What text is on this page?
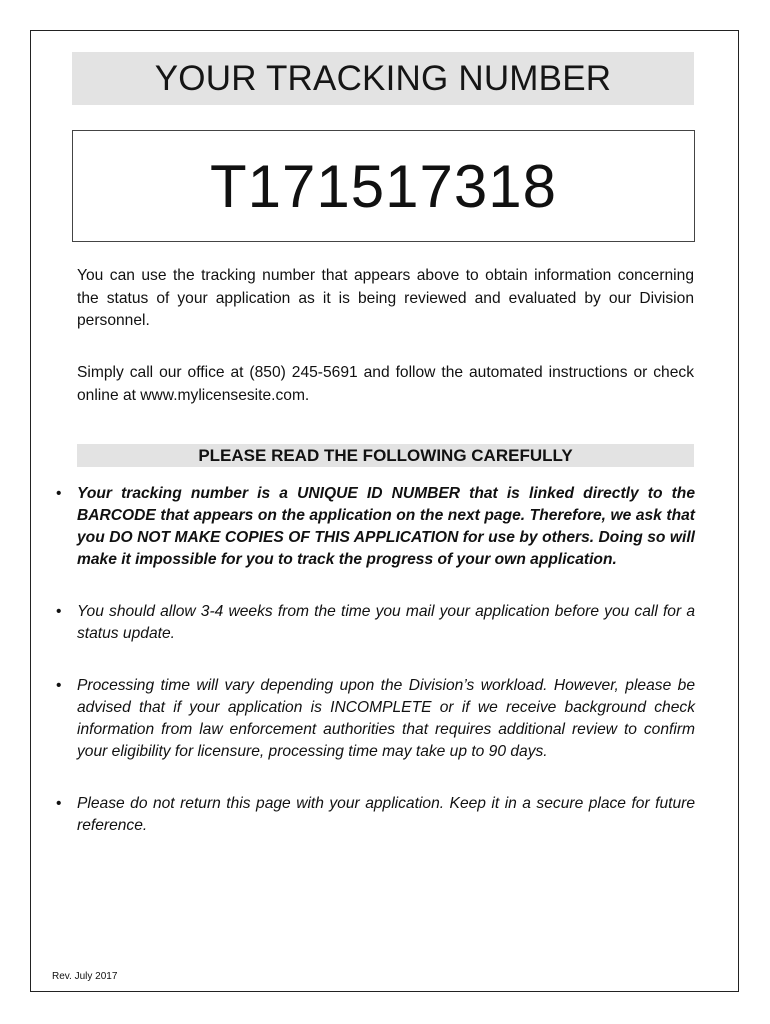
YOUR TRACKING NUMBER
T171517318

You can use the tracking number that appears above to obtain information concerning the status of your application as it is being reviewed and evaluated by our Division personnel.

Simply call our office at (850) 245-5691 and follow the automated instructions or check online at www.mylicensesite.com.

PLEASE READ THE FOLLOWING CAREFULLY
• Your tracking number is a UNIQUE ID NUMBER that is linked directly to the BARCODE that appears on the application on the next page. Therefore, we ask that you DO NOT MAKE COPIES OF THIS APPLICATION for use by others. Doing so will make it impossible for you to track the progress of your own application.
• You should allow 3-4 weeks from the time you mail your application before you call for a status update.
• Processing time will vary depending upon the Division’s workload. However, please be advised that if your application is INCOMPLETE or if we receive background check information from law enforcement authorities that requires additional review to confirm your eligibility for licensure, processing time may take up to 90 days.
• Please do not return this page with your application. Keep it in a secure place for future reference.
Rev. July 2017
